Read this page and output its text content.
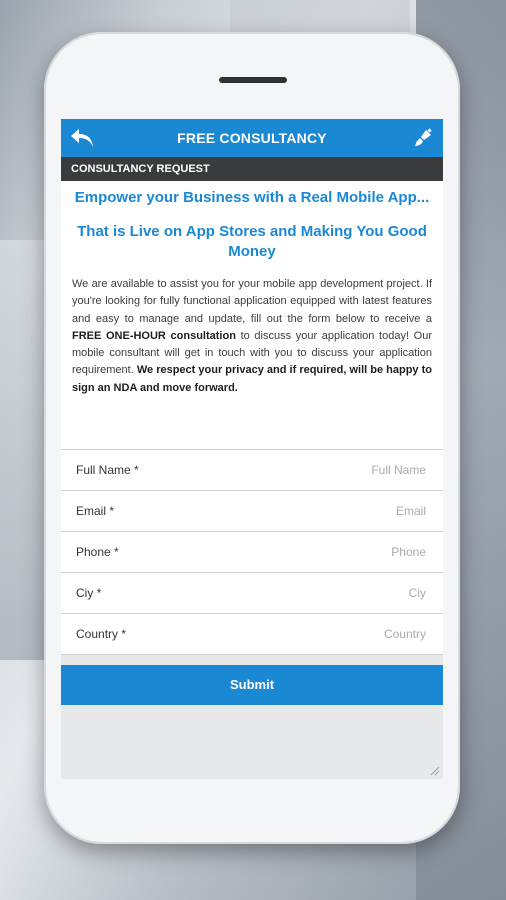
FREE CONSULTANCY
CONSULTANCY REQUEST

Empower your Business with a Real Mobile App...

That is Live on App Stores and Making You Good Money

We are available to assist you for your mobile app development project. If you're looking for fully functional application equipped with latest features and easy to manage and update, fill out the form below to receive a FREE ONE-HOUR consultation to discuss your application today! Our mobile consultant will get in touch with you to discuss your application requirement. We respect your privacy and if required, will be happy to sign an NDA and move forward.

Full Name *
Full Name
Email *
Email
Phone *
Phone
Ciy *
Ciy
Country *
Country
Submit
